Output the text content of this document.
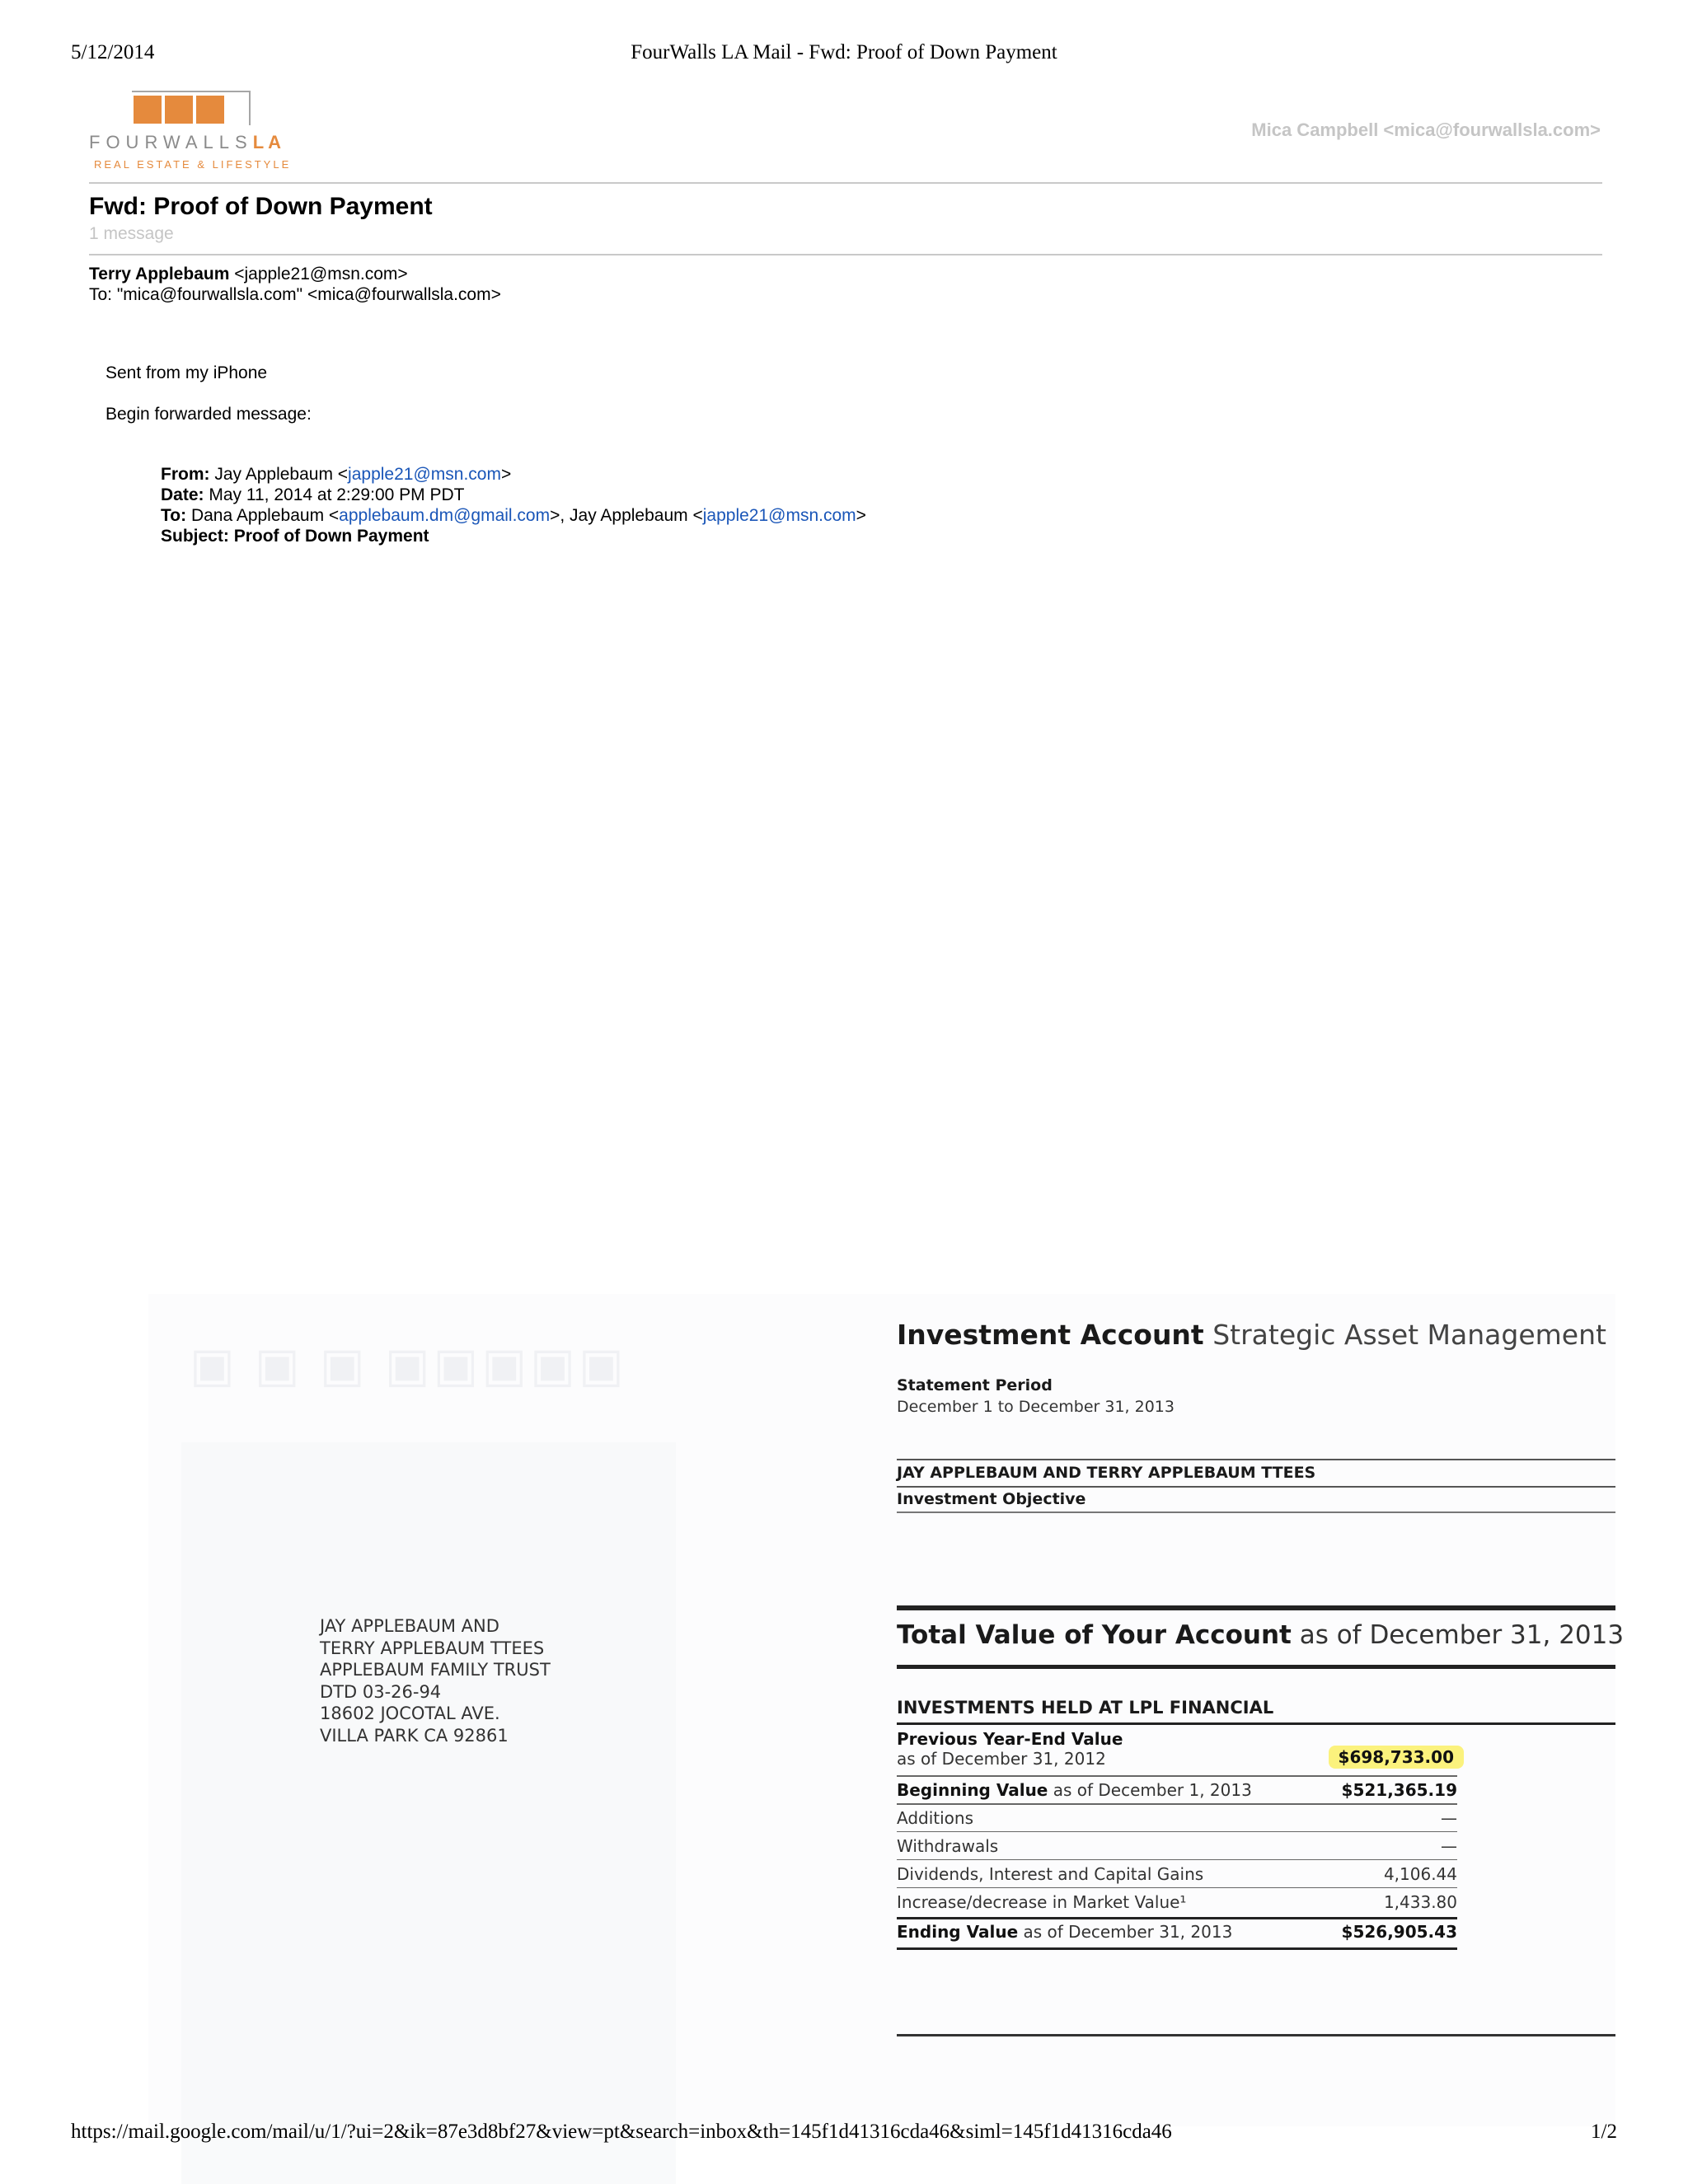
5/12/2014	FourWalls LA Mail - Fwd: Proof of Down Payment
FOURWALLSLA
REAL ESTATE & LIFESTYLE
Mica Campbell <mica@fourwallsla.com>
Fwd: Proof of Down Payment
1 message
Terry Applebaum <japple21@msn.com>
To: "mica@fourwallsla.com" <mica@fourwallsla.com>
Sent from my iPhone
Begin forwarded message:
From: Jay Applebaum <japple21@msn.com>
Date: May 11, 2014 at 2:29:00 PM PDT
To: Dana Applebaum <applebaum.dm@gmail.com>, Jay Applebaum <japple21@msn.com>
Subject: Proof of Down Payment
▣ ▣ ▣ ▣▣▣▣▣
JAY APPLEBAUM AND
TERRY APPLEBAUM TTEES
APPLEBAUM FAMILY TRUST
DTD 03-26-94
18602 JOCOTAL AVE.
VILLA PARK CA 92861
Investment Account Strategic Asset Management
Statement Period
December 1 to December 31, 2013
JAY APPLEBAUM AND TERRY APPLEBAUM TTEES
Investment Objective
Total Value of Your Account as of December 31, 2013
INVESTMENTS HELD AT LPL FINANCIAL
Previous Year-End Value
as of December 31, 2012	$698,733.00
Beginning Value as of December 1, 2013	$521,365.19
Additions	—
Withdrawals	—
Dividends, Interest and Capital Gains	4,106.44
Increase/decrease in Market Value¹	1,433.80
Ending Value as of December 31, 2013	$526,905.43
https://mail.google.com/mail/u/1/?ui=2&ik=87e3d8bf27&view=pt&search=inbox&th=145f1d41316cda46&siml=145f1d41316cda46	1/2
